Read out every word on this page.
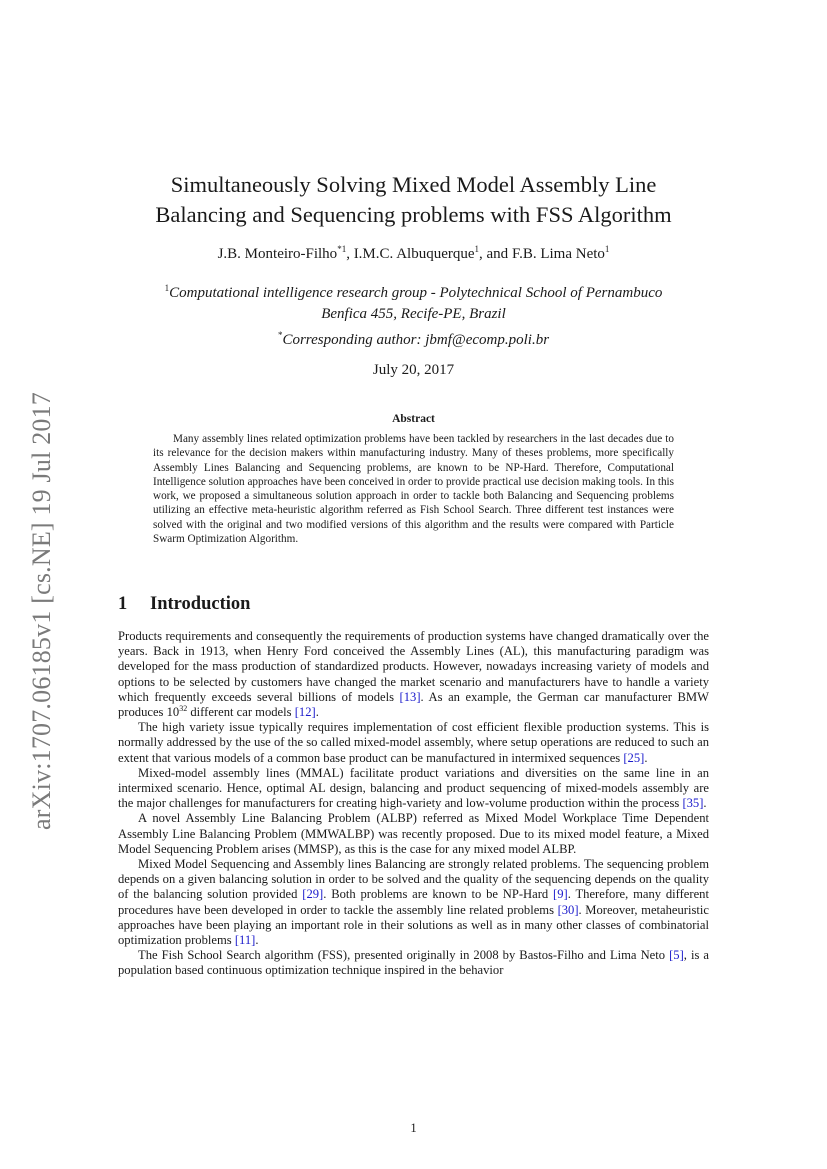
arXiv:1707.06185v1 [cs.NE] 19 Jul 2017
Simultaneously Solving Mixed Model Assembly Line
Balancing and Sequencing problems with FSS Algorithm
J.B. Monteiro-Filho$^{*1}$, I.M.C. Albuquerque$^1$, and F.B. Lima Neto$^1$
$^1$Computational intelligence research group - Polytechnical School of Pernambuco
Benfica 455, Recife-PE, Brazil
*Corresponding author: jbmf@ecomp.poli.br
July 20, 2017
Abstract

Many assembly lines related optimization problems have been tackled by researchers in the last decades due to its relevance for the decision makers within manufacturing industry. Many of theses problems, more specifically Assembly Lines Balancing and Sequencing problems, are known to be NP-Hard. Therefore, Computational Intelligence solution approaches have been conceived in order to provide practical use decision making tools. In this work, we proposed a simultaneous solution approach in order to tackle both Balancing and Sequencing problems utilizing an effective meta-heuristic algorithm referred as Fish School Search. Three different test instances were solved with the original and two modified versions of this algorithm and the results were compared with Particle Swarm Optimization Algorithm.

1 Introduction

Products requirements and consequently the requirements of production systems have changed dramatically over the years. Back in 1913, when Henry Ford conceived the Assembly Lines (AL), this manufacturing paradigm was developed for the mass production of standardized products. However, nowadays increasing variety of models and options to be selected by customers have changed the market scenario and manufacturers have to handle a variety which frequently exceeds several billions of models [13]. As an example, the German car manufacturer BMW produces $10^{32}$ different car models [12].

The high variety issue typically requires implementation of cost efficient flexible production systems. This is normally addressed by the use of the so called mixed-model assembly, where setup operations are reduced to such an extent that various models of a common base product can be manufactured in intermixed sequences [25].

Mixed-model assembly lines (MMAL) facilitate product variations and diversities on the same line in an intermixed scenario. Hence, optimal AL design, balancing and product sequencing of mixed-models assembly are the major challenges for manufacturers for creating high-variety and low-volume production within the process [35].

A novel Assembly Line Balancing Problem (ALBP) referred as Mixed Model Workplace Time Dependent Assembly Line Balancing Problem (MMWALBP) was recently proposed. Due to its mixed model feature, a Mixed Model Sequencing Problem arises (MMSP), as this is the case for any mixed model ALBP.

Mixed Model Sequencing and Assembly lines Balancing are strongly related problems. The sequencing problem depends on a given balancing solution in order to be solved and the quality of the sequencing depends on the quality of the balancing solution provided [29]. Both problems are known to be NP-Hard [9]. Therefore, many different procedures have been developed in order to tackle the assembly line related problems [30]. Moreover, metaheuristic approaches have been playing an important role in their solutions as well as in many other classes of combinatorial optimization problems [11].

The Fish School Search algorithm (FSS), presented originally in 2008 by Bastos-Filho and Lima Neto [5], is a population based continuous optimization technique inspired in the behavior

1
